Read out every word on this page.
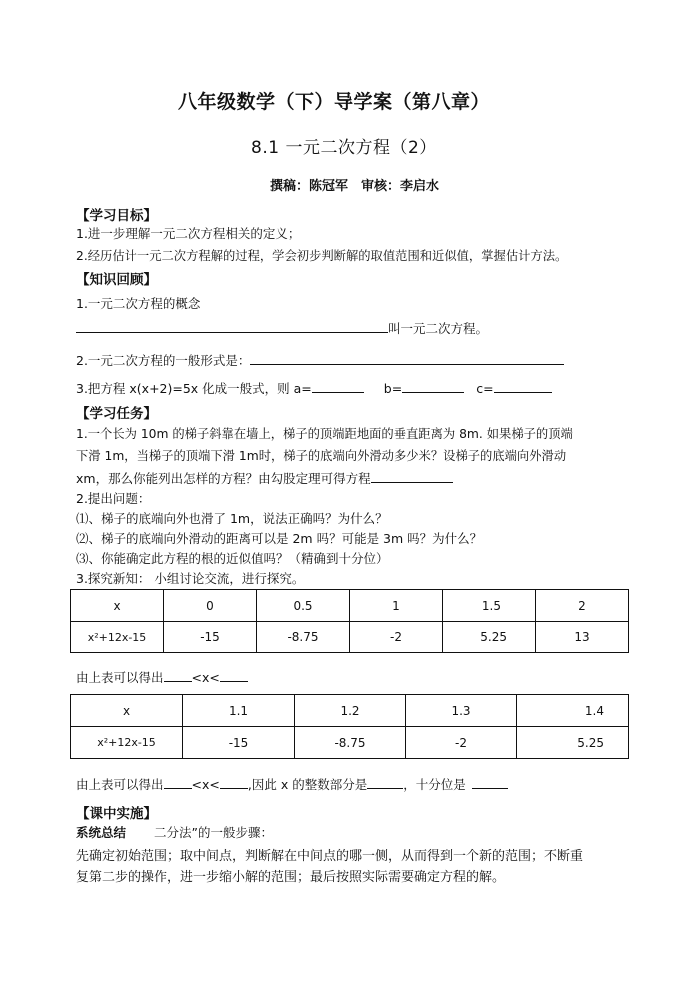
八年级数学（下）导学案（第八章）
8.1 一元二次方程（2）
撰稿：陈冠军　审核：李启水
【学习目标】
1.进一步理解一元二次方程相关的定义；
2.经历估计一元二次方程解的过程，学会初步判断解的取值范围和近似值，掌握估计方法。
【知识回顾】
1.一元二次方程的概念
叫一元二次方程。
2.一元二次方程的一般形式是：
3.把方程 x(x+2)=5x 化成一般式，则 a=	b=	c=
【学习任务】
1.一个长为 10m 的梯子斜靠在墙上，梯子的顶端距地面的垂直距离为 8m. 如果梯子的顶端
下滑 1m，当梯子的顶端下滑 1m时，梯子的底端向外滑动多少米？设梯子的底端向外滑动
xm，那么你能列出怎样的方程？由勾股定理可得方程
2.提出问题：
⑴、梯子的底端向外也滑了 1m，说法正确吗？为什么？
⑵、梯子的底端向外滑动的距离可以是 2m 吗？可能是 3m 吗？为什么？
⑶、你能确定此方程的根的近似值吗？（精确到十分位）
3.探究新知： 小组讨论交流，进行探究。
x	0	0.5	1	1.5	2
x²+12x-15	-15	-8.75	-2	5.25	13
由上表可以得出 <x<
x	1.1	1.2	1.3	1.4
x²+12x-15	-15	-8.75	-2	5.25
由上表可以得出 <x< ,因此 x 的整数部分是	，十分位是
【课中实施】
系统总结 二分法”的一般步骤：
先确定初始范围；取中间点，判断解在中间点的哪一侧，从而得到一个新的范围；不断重
复第二步的操作，进一步缩小解的范围；最后按照实际需要确定方程的解。
